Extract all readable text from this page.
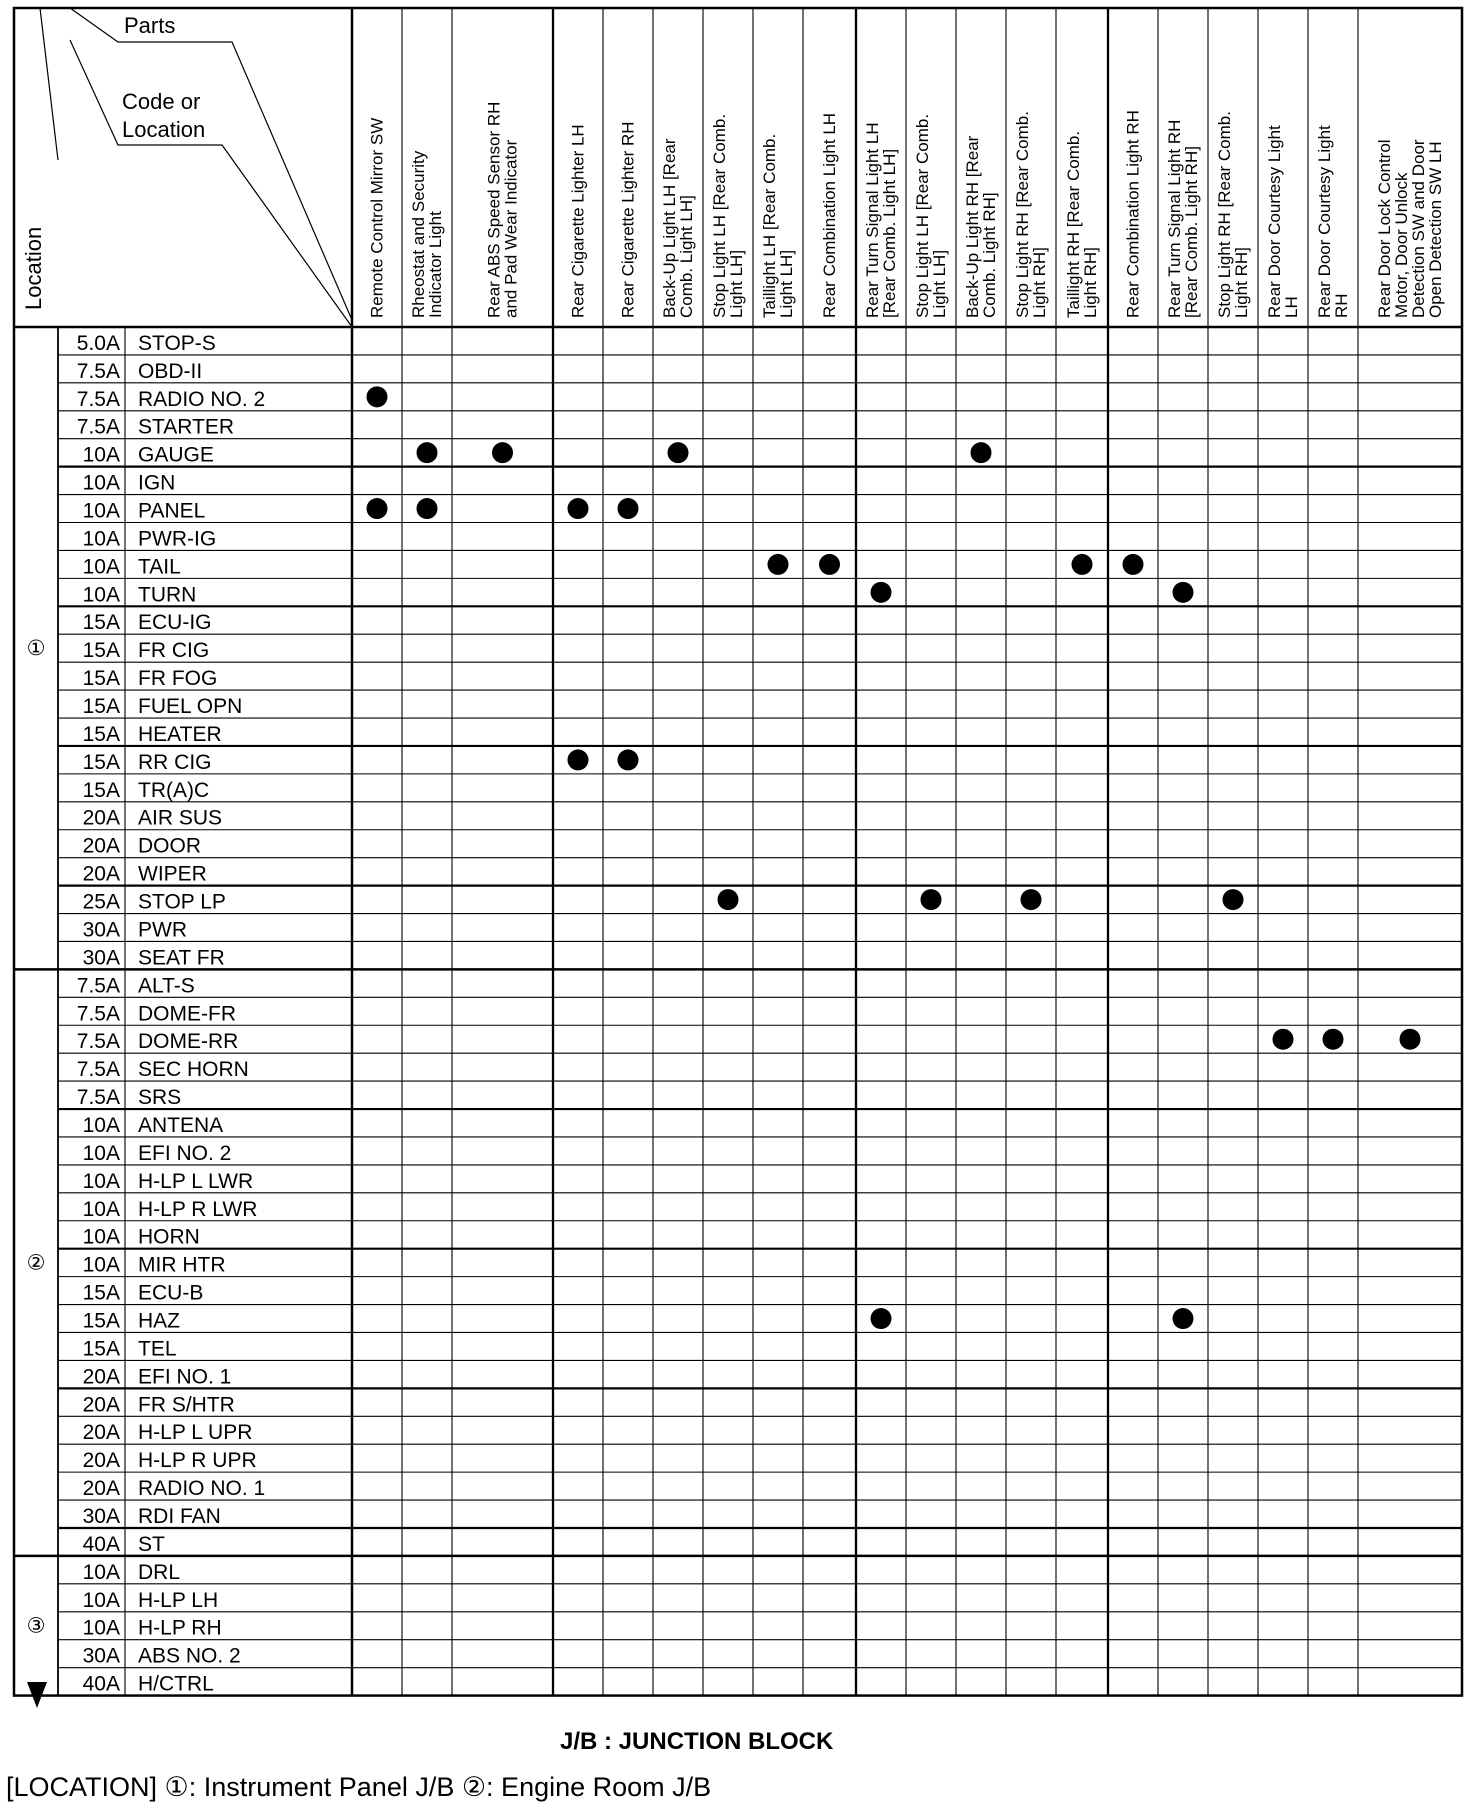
Remote Control Mirror SW Rheostat and Security
Indicator Light Rear ABS Speed Sensor RH
and Pad Wear Indicator	Rear Cigarette Lighter LH Rear Cigarette Lighter RH Back-Up Light LH [Rear
Comb. Light LH] Stop Light LH [Rear Comb.
Light LH] Taillight LH [Rear Comb.
Light LH] Rear Combination Light LH Rear Turn Signal Light LH
[Rear Comb. Light LH] Stop Light LH [Rear Comb.
Light LH] Back-Up Light RH [Rear
Comb. Light RH] Stop Light RH [Rear Comb.
Light RH] Taillight RH [Rear Comb.
Light RH] Rear Combination Light RH Rear Turn Signal Light RH
[Rear Comb. Light RH] Stop Light RH [Rear Comb.
Light RH] Rear Door Courtesy Light
LH Rear Door Courtesy Light
RH Rear Door Lock Control
Motor, Door Unlock
Detection SW and Door
Open Detection SW LH
5.0A STOP-S
7.5A OBD-II
7.5A RADIO NO. 2
7.5A STARTER
10A GAUGE
10A IGN
10A PANEL
10A PWR-IG
10A TAIL
10A TURN
15A ECU-IG
15A FR CIG
15A FR FOG
15A FUEL OPN
15A HEATER
15A RR CIG
15A TR(A)C
20A AIR SUS
20A DOOR
20A WIPER
25A STOP LP
30A PWR
30A SEAT FR
①
7.5A ALT-S
7.5A DOME-FR
7.5A DOME-RR
7.5A SEC HORN
7.5A SRS
10A ANTENA
10A EFI NO. 2
10A H-LP L LWR
10A H-LP R LWR
10A HORN
10A MIR HTR
15A ECU-B
15A HAZ
15A TEL
20A EFI NO. 1
20A FR S/HTR
20A H-LP L UPR
20A H-LP R UPR
20A RADIO NO. 1
30A RDI FAN
40A ST
②
10A DRL
10A H-LP LH
10A H-LP RH
30A ABS NO. 2
40A H/CTRL
③
Parts
Code or
Location
Location
J/B : JUNCTION BLOCK
[LOCATION] ①: Instrument Panel J/B ②: Engine Room J/B
